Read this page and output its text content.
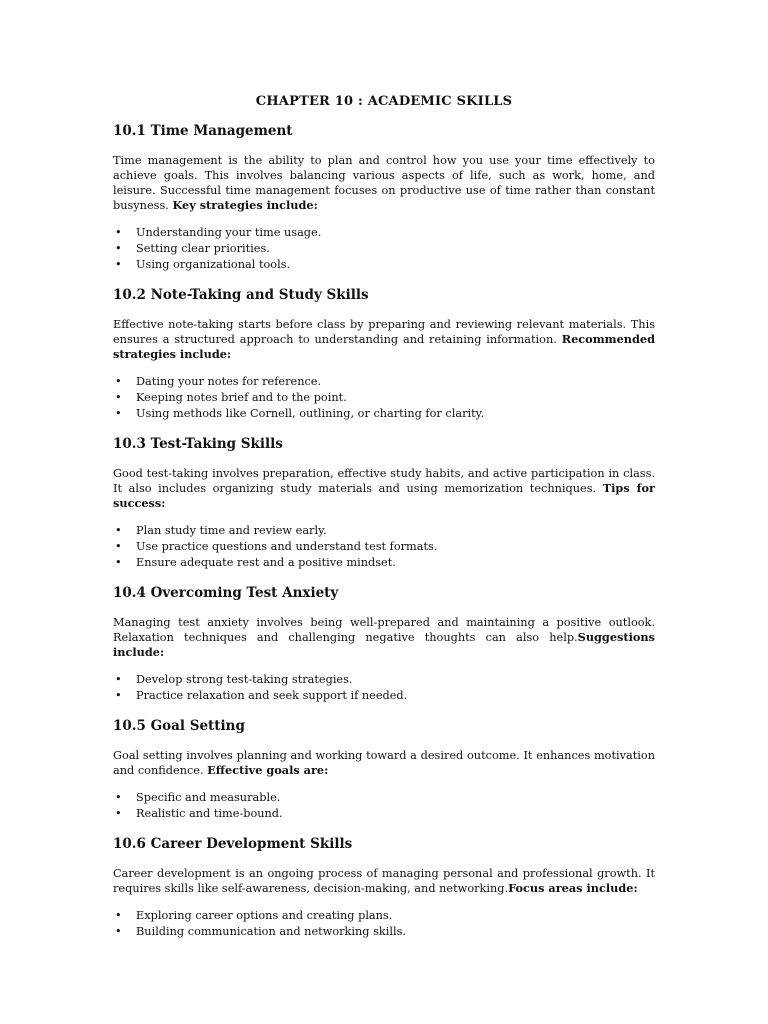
CHAPTER 10 : ACADEMIC SKILLS
10.1 Time Management

Time management is the ability to plan and control how you use your time effectively to achieve goals. This involves balancing various aspects of life, such as work, home, and leisure. Successful time management focuses on productive use of time rather than constant busyness. Key strategies include:

• Understanding your time usage.
• Setting clear priorities.
• Using organizational tools.
10.2 Note-Taking and Study Skills

Effective note-taking starts before class by preparing and reviewing relevant materials. This ensures a structured approach to understanding and retaining information. Recommended strategies include:

• Dating your notes for reference.
• Keeping notes brief and to the point.
• Using methods like Cornell, outlining, or charting for clarity.
10.3 Test-Taking Skills

Good test-taking involves preparation, effective study habits, and active participation in class. It also includes organizing study materials and using memorization techniques. Tips for success:

• Plan study time and review early.
• Use practice questions and understand test formats.
• Ensure adequate rest and a positive mindset.
10.4 Overcoming Test Anxiety

Managing test anxiety involves being well-prepared and maintaining a positive outlook. Relaxation techniques and challenging negative thoughts can also help.Suggestions include:

• Develop strong test-taking strategies.
• Practice relaxation and seek support if needed.
10.5 Goal Setting

Goal setting involves planning and working toward a desired outcome. It enhances motivation and confidence. Effective goals are:

• Specific and measurable.
• Realistic and time-bound.
10.6 Career Development Skills

Career development is an ongoing process of managing personal and professional growth. It requires skills like self-awareness, decision-making, and networking.Focus areas include:

• Exploring career options and creating plans.
• Building communication and networking skills.
